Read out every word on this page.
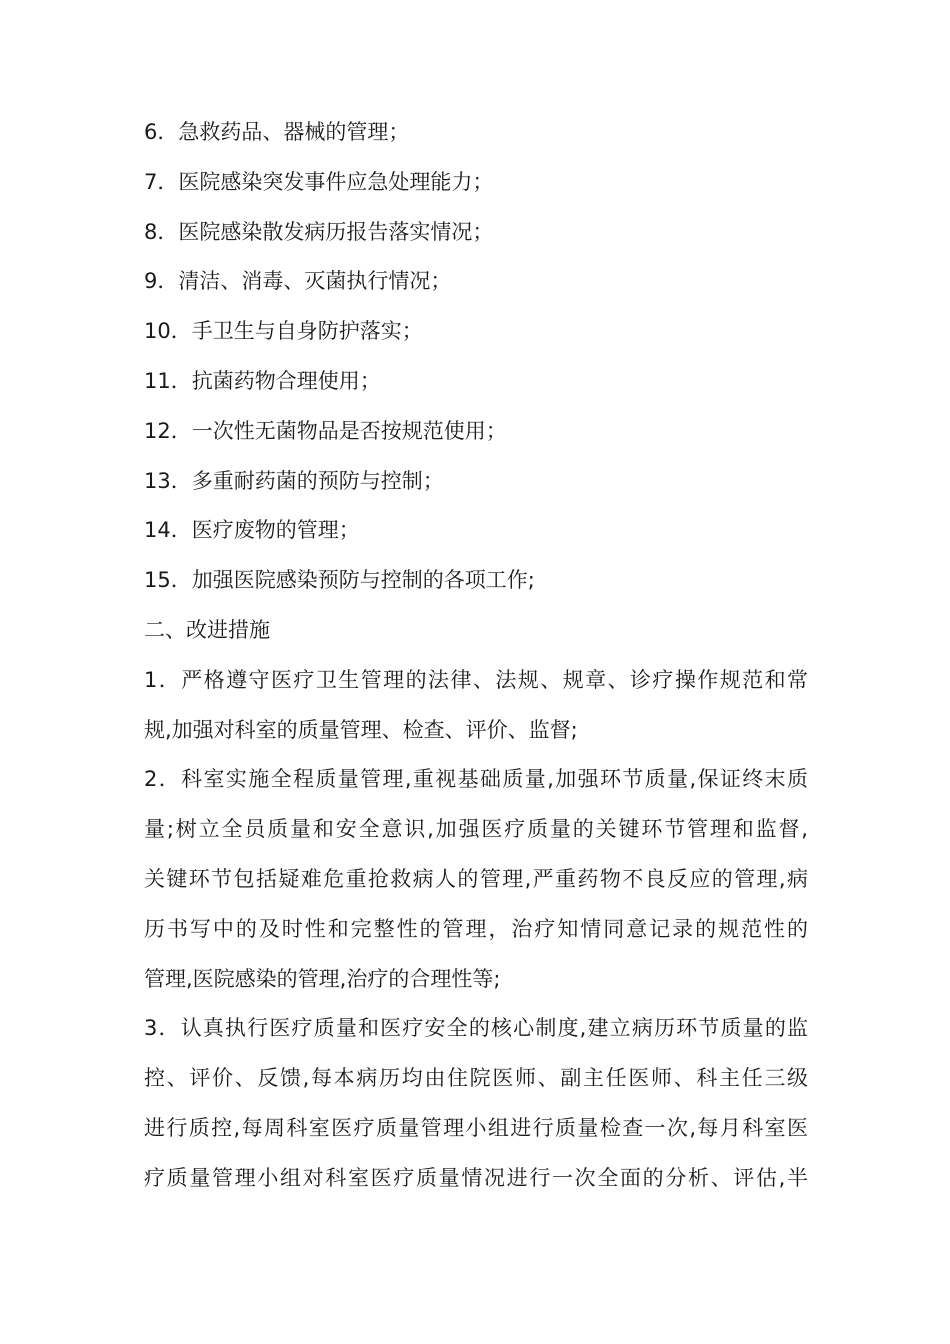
6．急救药品、器械的管理；

7．医院感染突发事件应急处理能力；

8．医院感染散发病历报告落实情况；

9．清洁、消毒、灭菌执行情况；

10．手卫生与自身防护落实；

11．抗菌药物合理使用；

12．一次性无菌物品是否按规范使用；

13．多重耐药菌的预防与控制；

14．医疗废物的管理；

15．加强医院感染预防与控制的各项工作;

二、改进措施

1．严格遵守医疗卫生管理的法律、法规、规章、诊疗操作规范和常

规,加强对科室的质量管理、检查、评价、监督;

2．科室实施全程质量管理,重视基础质量,加强环节质量,保证终末质

量;树立全员质量和安全意识,加强医疗质量的关键环节管理和监督,

关键环节包括疑难危重抢救病人的管理,严重药物不良反应的管理,病

历书写中的及时性和完整性的管理，治疗知情同意记录的规范性的

管理,医院感染的管理,治疗的合理性等;

3．认真执行医疗质量和医疗安全的核心制度,建立病历环节质量的监

控、评价、反馈,每本病历均由住院医师、副主任医师、科主任三级

进行质控,每周科室医疗质量管理小组进行质量检查一次,每月科室医

疗质量管理小组对科室医疗质量情况进行一次全面的分析、评估,半
